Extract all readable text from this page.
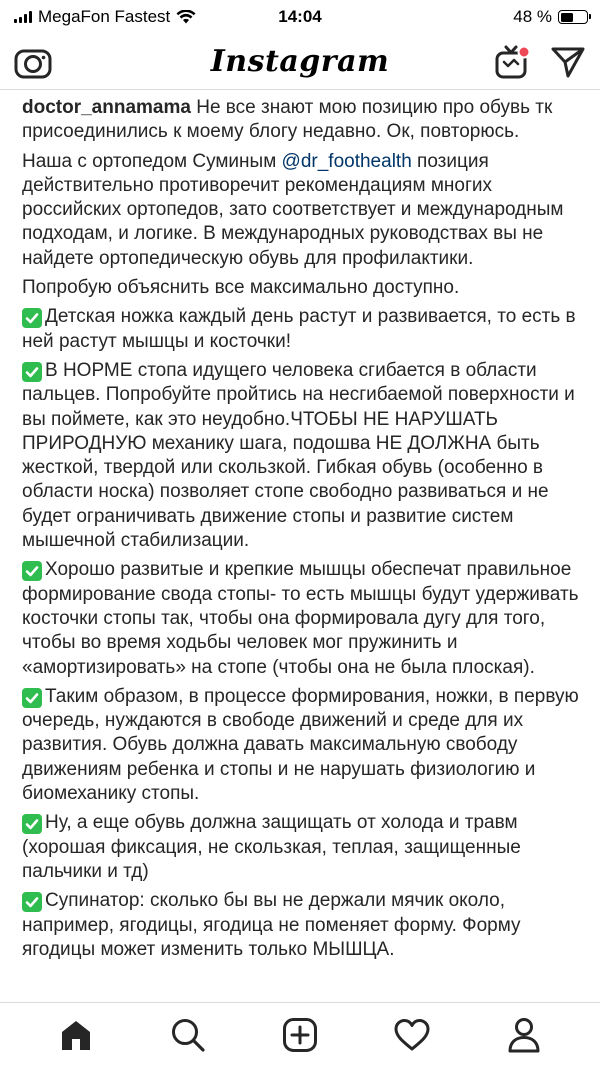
MegaFon Fastest	14:04	48 %
Instagram

doctor_annamama Не все знают мою позицию про обувь тк присоединились к моему блогу недавно. Ок, повторюсь.

Наша с ортопедом Суминым @dr_foothealth позиция действительно противоречит рекомендациям многих российских ортопедов, зато соответствует и международным подходам, и логике. В международных руководствах вы не найдете ортопедическую обувь для профилактики.

Попробую объяснить все максимально доступно.

Детская ножка каждый день растут и развивается, то есть в ней растут мышцы и косточки!

В НОРМЕ стопа идущего человека сгибается в области пальцев. Попробуйте пройтись на несгибаемой поверхности и вы поймете, как это неудобно.ЧТОБЫ НЕ НАРУШАТЬ ПРИРОДНУЮ механику шага, подошва НЕ ДОЛЖНА быть жесткой, твердой или скользкой. Гибкая обувь (особенно в области носка) позволяет стопе свободно развиваться и не будет ограничивать движение стопы и развитие систем мышечной стабилизации.

Хорошо развитые и крепкие мышцы обеспечат правильное формирование свода стопы- то есть мышцы будут удерживать косточки стопы так, чтобы она формировала дугу для того, чтобы во время ходьбы человек мог пружинить и «амортизировать» на стопе (чтобы она не была плоская).

Таким образом, в процессе формирования, ножки, в первую очередь, нуждаются в свободе движений и среде для их развития. Обувь должна давать максимальную свободу движениям ребенка и стопы и не нарушать физиологию и биомеханику стопы.

Ну, а еще обувь должна защищать от холода и травм (хорошая фиксация, не скользкая, теплая, защищенные пальчики и тд)

Супинатор: сколько бы вы не держали мячик около, например, ягодицы, ягодица не поменяет форму. Форму ягодицы может изменить только МЫШЦА.
